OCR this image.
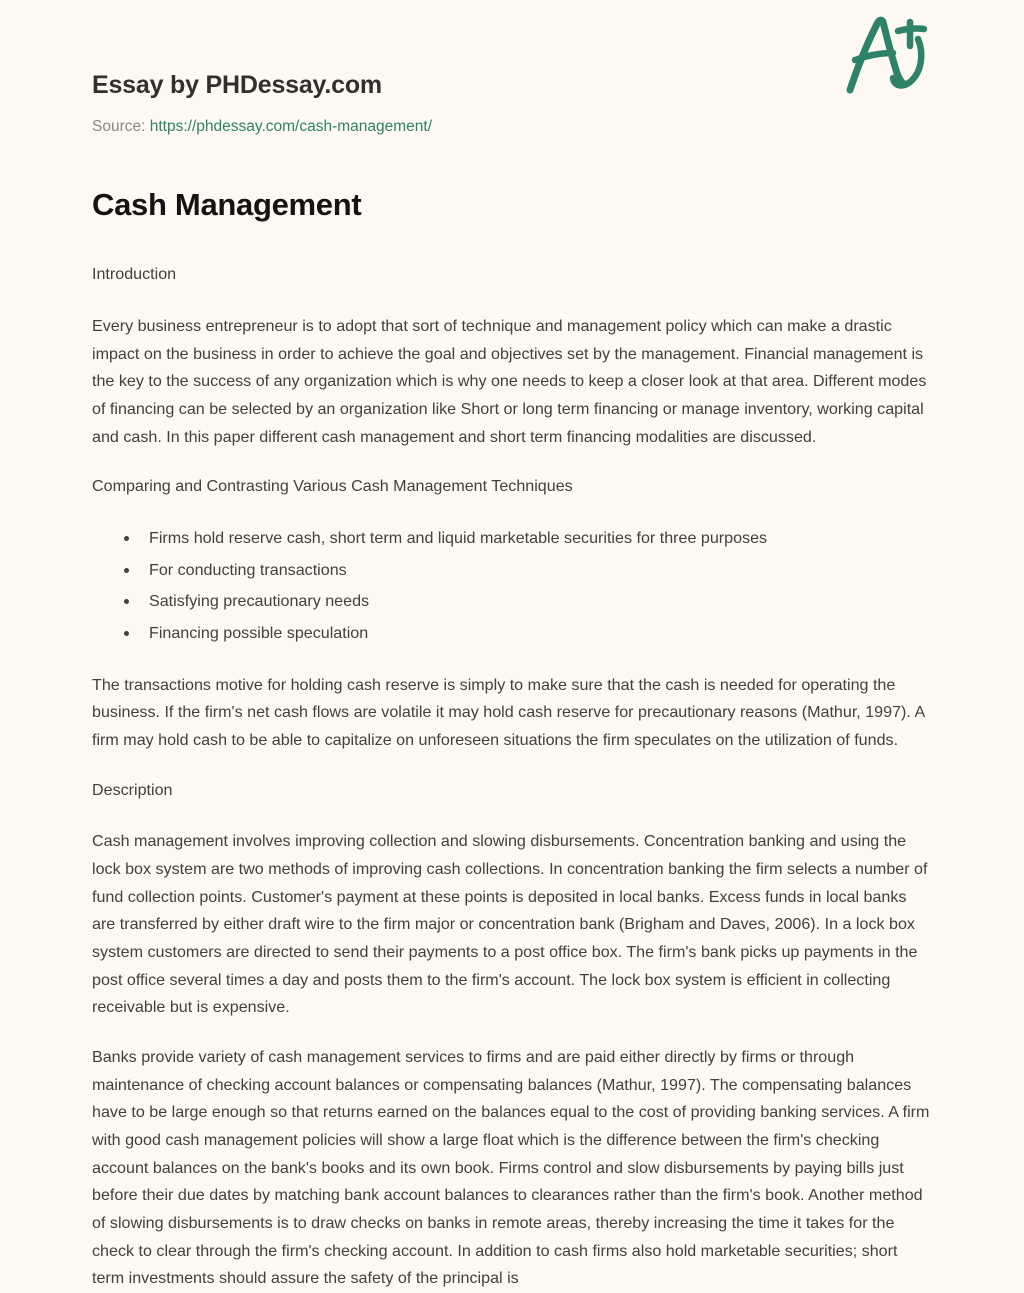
Essay by PHDessay.com
Source: https://phdessay.com/cash-management/
Cash Management

Introduction

Every business entrepreneur is to adopt that sort of technique and management policy which can make a drastic impact on the business in order to achieve the goal and objectives set by the management. Financial management is the key to the success of any organization which is why one needs to keep a closer look at that area. Different modes of financing can be selected by an organization like Short or long term financing or manage inventory, working capital and cash. In this paper different cash management and short term financing modalities are discussed.

Comparing and Contrasting Various Cash Management Techniques

Firms hold reserve cash, short term and liquid marketable securities for three purposes
For conducting transactions
Satisfying precautionary needs
Financing possible speculation

The transactions motive for holding cash reserve is simply to make sure that the cash is needed for operating the business. If the firm's net cash flows are volatile it may hold cash reserve for precautionary reasons (Mathur, 1997). A firm may hold cash to be able to capitalize on unforeseen situations the firm speculates on the utilization of funds.

Description

Cash management involves improving collection and slowing disbursements. Concentration banking and using the lock box system are two methods of improving cash collections. In concentration banking the firm selects a number of fund collection points. Customer's payment at these points is deposited in local banks. Excess funds in local banks are transferred by either draft wire to the firm major or concentration bank (Brigham and Daves, 2006). In a lock box system customers are directed to send their payments to a post office box. The firm's bank picks up payments in the post office several times a day and posts them to the firm's account. The lock box system is efficient in collecting receivable but is expensive.

Banks provide variety of cash management services to firms and are paid either directly by firms or through maintenance of checking account balances or compensating balances (Mathur, 1997). The compensating balances have to be large enough so that returns earned on the balances equal to the cost of providing banking services. A firm with good cash management policies will show a large float which is the difference between the firm's checking account balances on the bank's books and its own book. Firms control and slow disbursements by paying bills just before their due dates by matching bank account balances to clearances rather than the firm's book. Another method of slowing disbursements is to draw checks on banks in remote areas, thereby increasing the time it takes for the check to clear through the firm's checking account. In addition to cash firms also hold marketable securities; short term investments should assure the safety of the principal is
